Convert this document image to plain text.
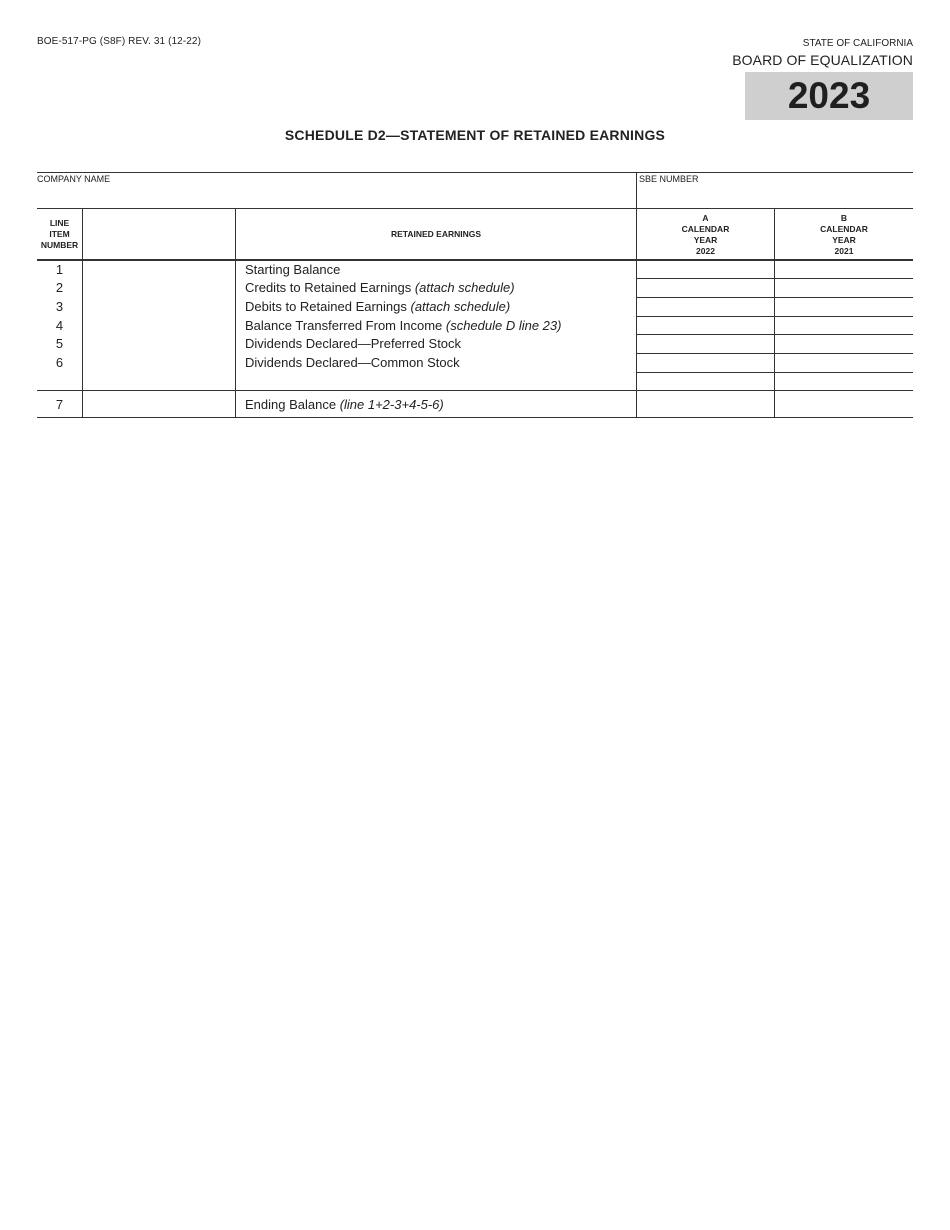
BOE-517-PG (S8F) REV. 31 (12-22)	STATE OF CALIFORNIA
BOARD OF EQUALIZATION
2023
SCHEDULE D2—STATEMENT OF RETAINED EARNINGS
COMPANY NAME	SBE NUMBER
LINE
ITEM
NUMBER
RETAINED EARNINGS
A
CALENDAR
YEAR
2022
B
CALENDAR
YEAR
2021
1	Starting Balance
2	Credits to Retained Earnings (attach schedule)
3	Debits to Retained Earnings (attach schedule)
4	Balance Transferred From Income (schedule D line 23)
5	Dividends Declared—Preferred Stock
6	Dividends Declared—Common Stock
7	Ending Balance (line 1+2-3+4-5-6)
